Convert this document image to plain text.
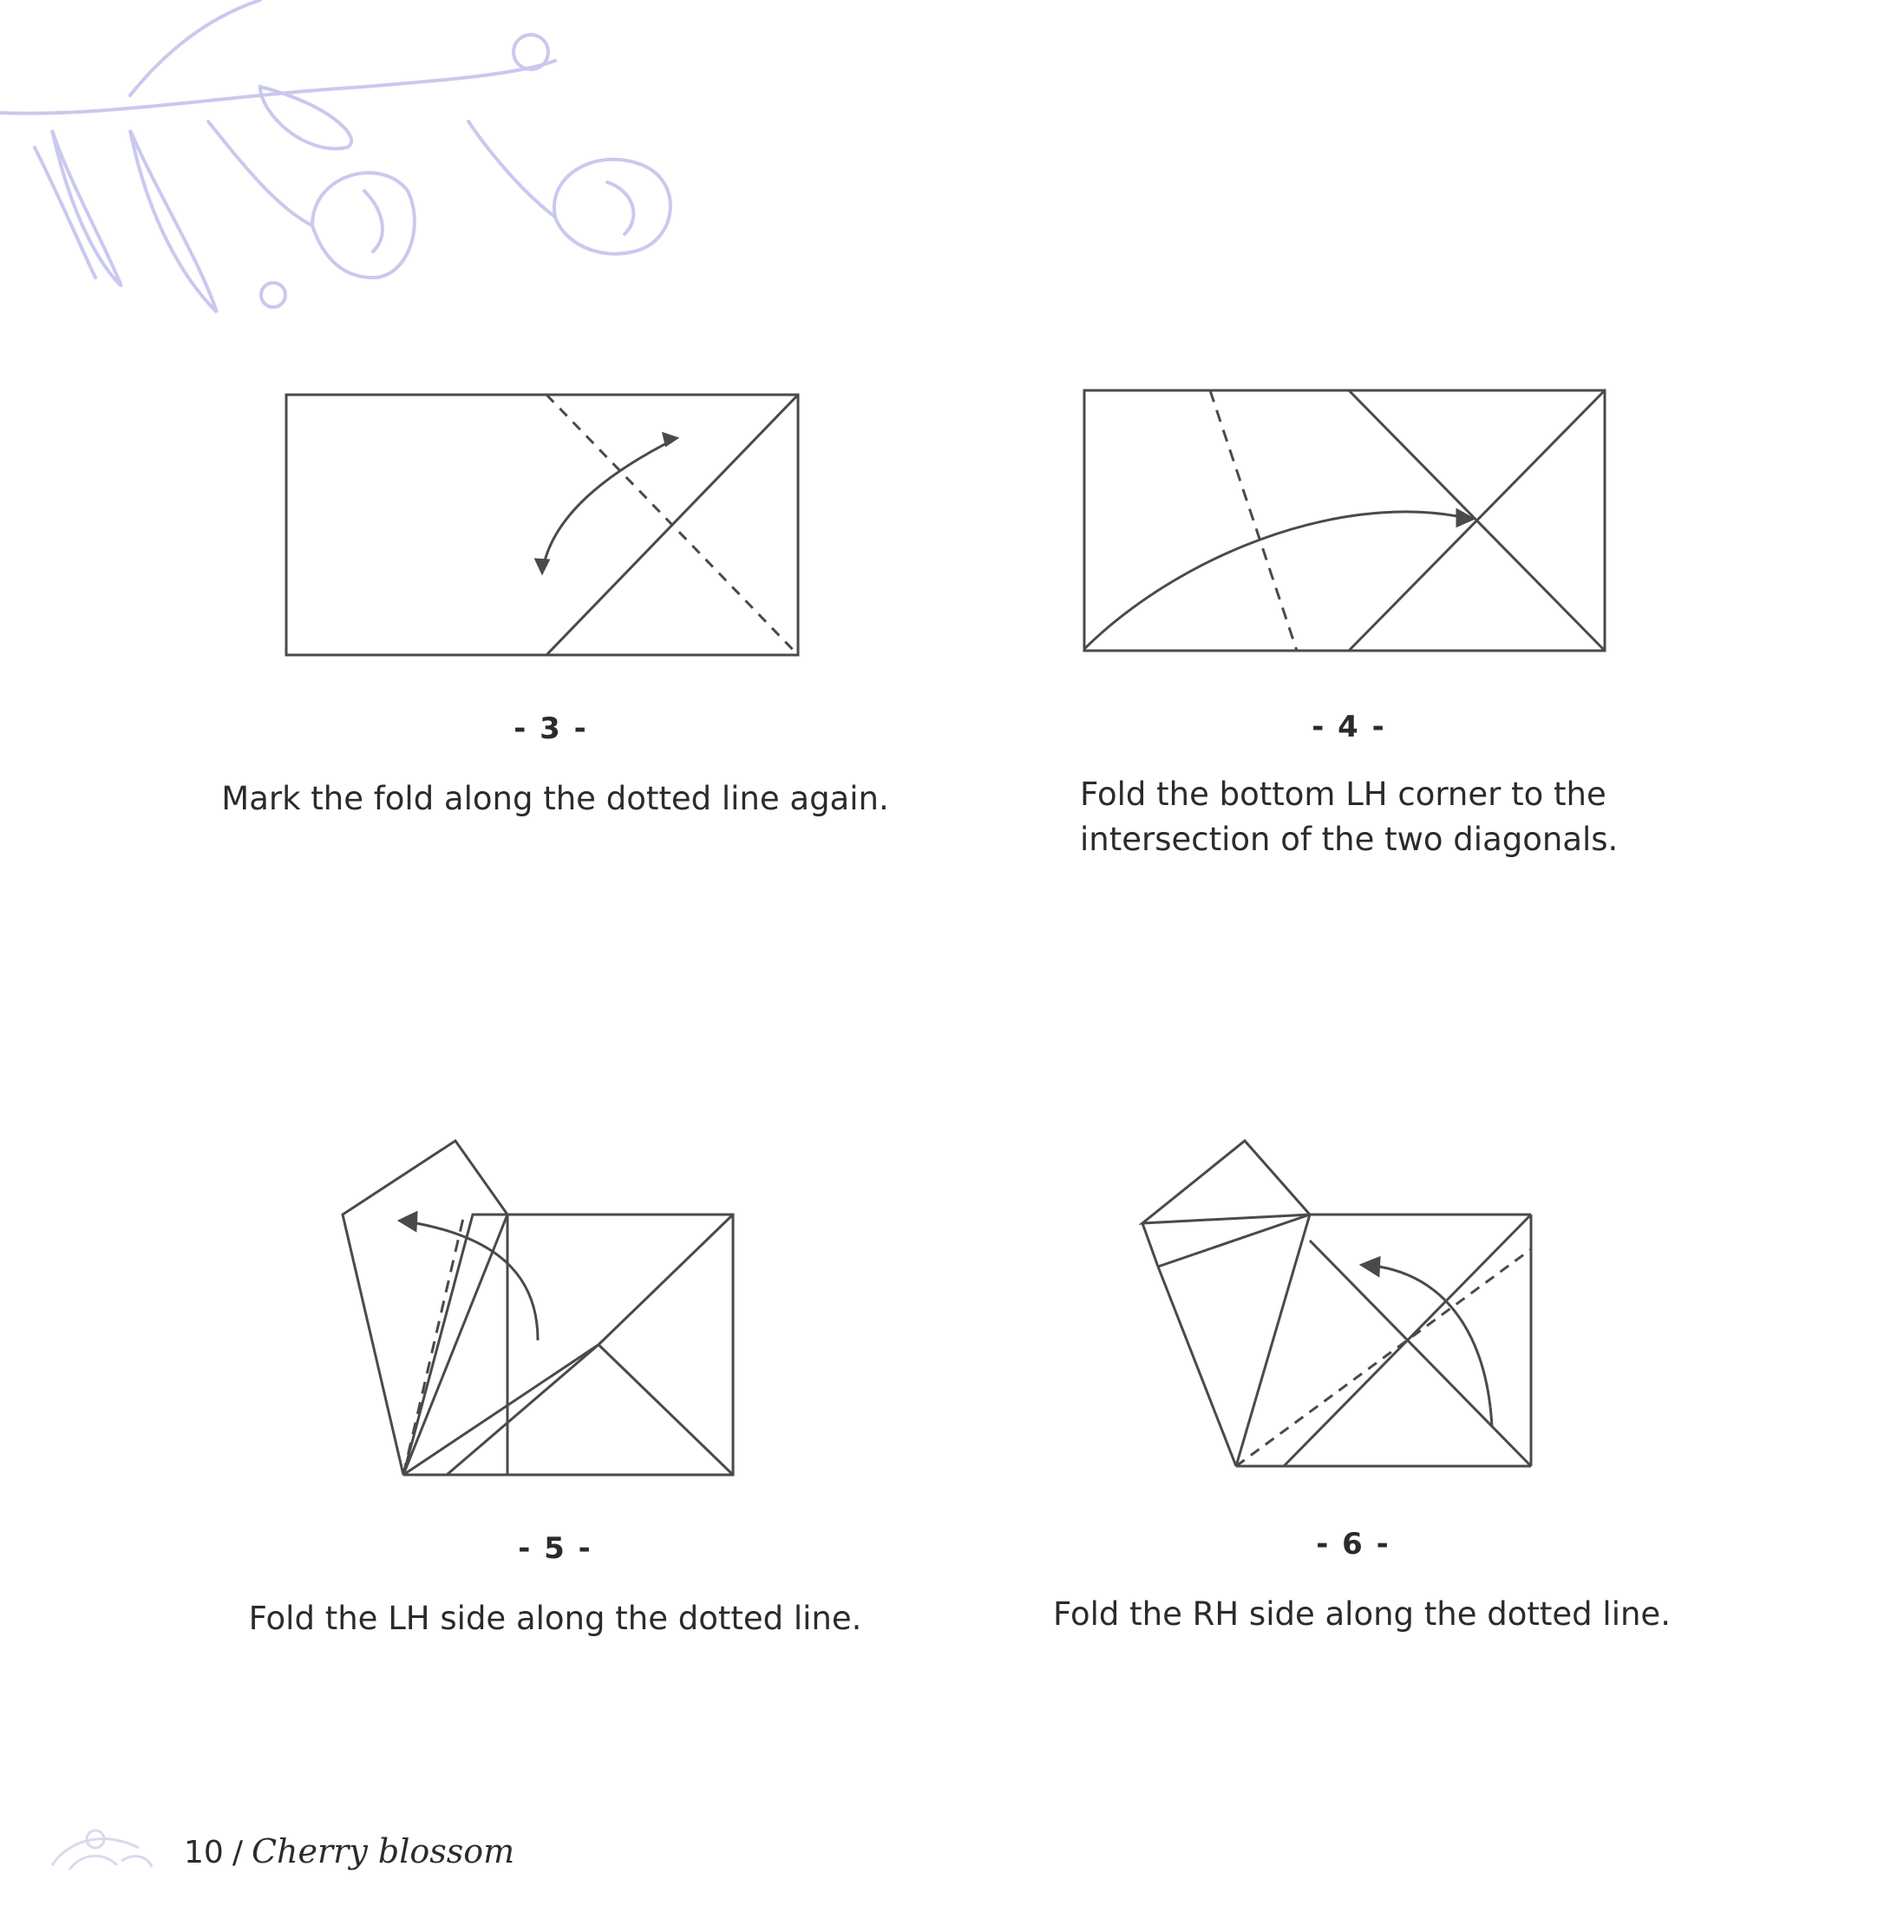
- 3 -
Mark the fold along the dotted line again.
- 4 -
Fold the bottom LH corner to the
intersection of the two diagonals.
- 5 -
Fold the LH side along the dotted line.
- 6 -
Fold the RH side along the dotted line.
10 / Cherry blossom
